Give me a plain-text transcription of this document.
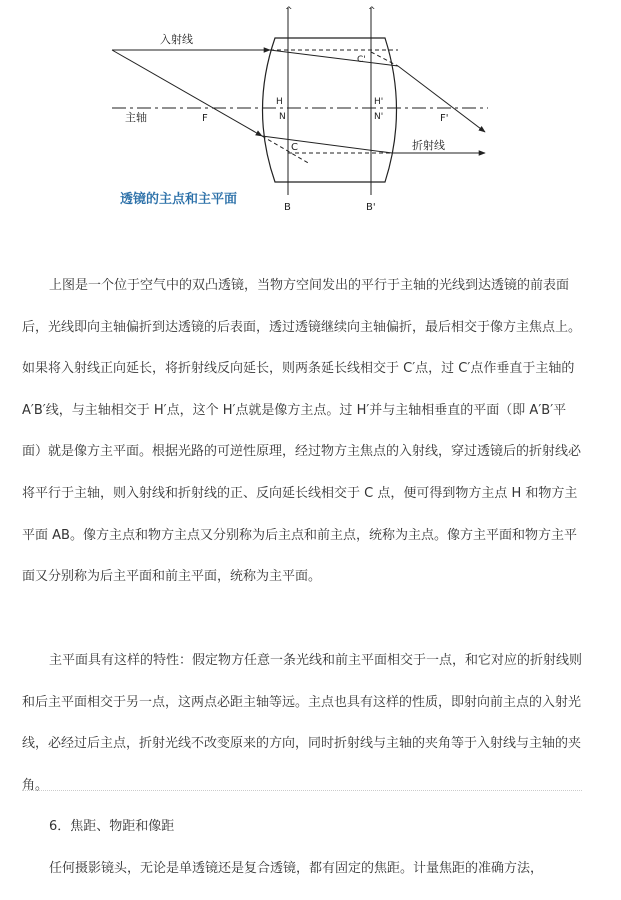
^	^
入射线
主轴
折射线
F	F'
H
N
H'
N'
C
C'
B	B'
透镜的主点和主平面

上图是一个位于空气中的双凸透镜，当物方空间发出的平行于主轴的光线到达透镜的前表面后，光线即向主轴偏折到达透镜的后表面，透过透镜继续向主轴偏折，最后相交于像方主焦点上。如果将入射线正向延长，将折射线反向延长，则两条延长线相交于 C′点，过 C′点作垂直于主轴的 A′B′线，与主轴相交于 H′点，这个 H′点就是像方主点。过 H′并与主轴相垂直的平面（即 A′B′平面）就是像方主平面。根据光路的可逆性原理，经过物方主焦点的入射线，穿过透镜后的折射线必将平行于主轴，则入射线和折射线的正、反向延长线相交于 C 点，便可得到物方主点 H 和物方主平面 AB。像方主点和物方主点又分别称为后主点和前主点，统称为主点。像方主平面和物方主平面又分别称为后主平面和前主平面，统称为主平面。

主平面具有这样的特性：假定物方任意一条光线和前主平面相交于一点，和它对应的折射线则和后主平面相交于另一点，这两点必距主轴等远。主点也具有这样的性质，即射向前主点的入射光线，必经过后主点，折射光线不改变原来的方向，同时折射线与主轴的夹角等于入射线与主轴的夹角。

6．焦距、物距和像距

任何摄影镜头，无论是单透镜还是复合透镜，都有固定的焦距。计量焦距的准确方法，
